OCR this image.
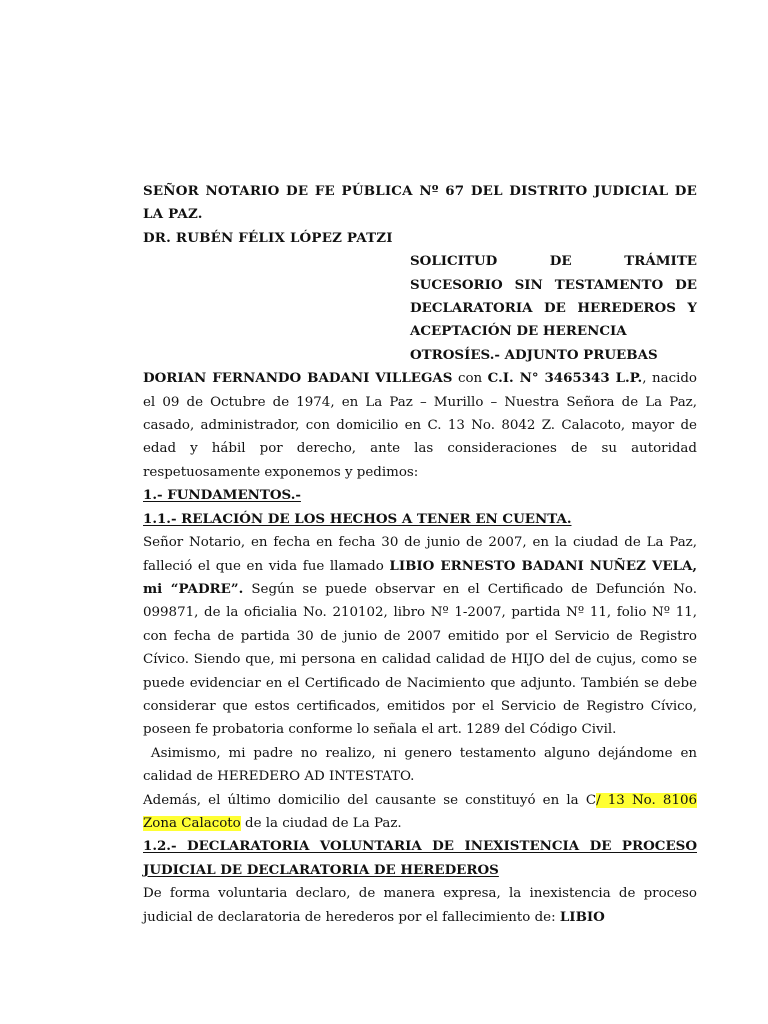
SEÑOR NOTARIO DE FE PÚBLICA Nº 67 DEL DISTRITO JUDICIAL DE LA PAZ.

DR. RUBÉN FÉLIX LÓPEZ PATZI

SOLICITUD DE TRÁMITE

SUCESORIO SIN TESTAMENTO DE

DECLARATORIA DE HEREDEROS Y

ACEPTACIÓN DE HERENCIA

OTROSÍES.- ADJUNTO PRUEBAS

DORIAN FERNANDO BADANI VILLEGAS con C.I. N° 3465343 L.P., nacido el 09 de Octubre de 1974, en La Paz – Murillo – Nuestra Señora de La Paz, casado, administrador, con domicilio en C. 13 No. 8042 Z. Calacoto, mayor de edad y hábil por derecho, ante las consideraciones de su autoridad respetuosamente exponemos y pedimos:

1.- FUNDAMENTOS.-

1.1.- RELACIÓN DE LOS HECHOS A TENER EN CUENTA.

Señor Notario, en fecha en fecha 30 de junio de 2007, en la ciudad de La Paz, falleció el que en vida fue llamado LIBIO ERNESTO BADANI NUÑEZ VELA, mi “PADRE”. Según se puede observar en el Certificado de Defunción No. 099871, de la oficialia No. 210102, libro Nº 1-2007, partida Nº 11, folio Nº 11, con fecha de partida 30 de junio de 2007 emitido por el Servicio de Registro Cívico. Siendo que, mi persona en calidad calidad de HIJO del de cujus, como se puede evidenciar en el Certificado de Nacimiento que adjunto. También se debe considerar que estos certificados, emitidos por el Servicio de Registro Cívico, poseen fe probatoria conforme lo señala el art. 1289 del Código Civil.

Asimismo, mi padre no realizo, ni genero testamento alguno dejándome en calidad de HEREDERO AD INTESTATO.

Además, el último domicilio del causante se constituyó en la C/ 13 No. 8106 Zona Calacoto de la ciudad de La Paz.

1.2.- DECLARATORIA VOLUNTARIA DE INEXISTENCIA DE PROCESO JUDICIAL DE DECLARATORIA DE HEREDEROS

De forma voluntaria declaro, de manera expresa, la inexistencia de proceso judicial de declaratoria de herederos por el fallecimiento de: LIBIO
